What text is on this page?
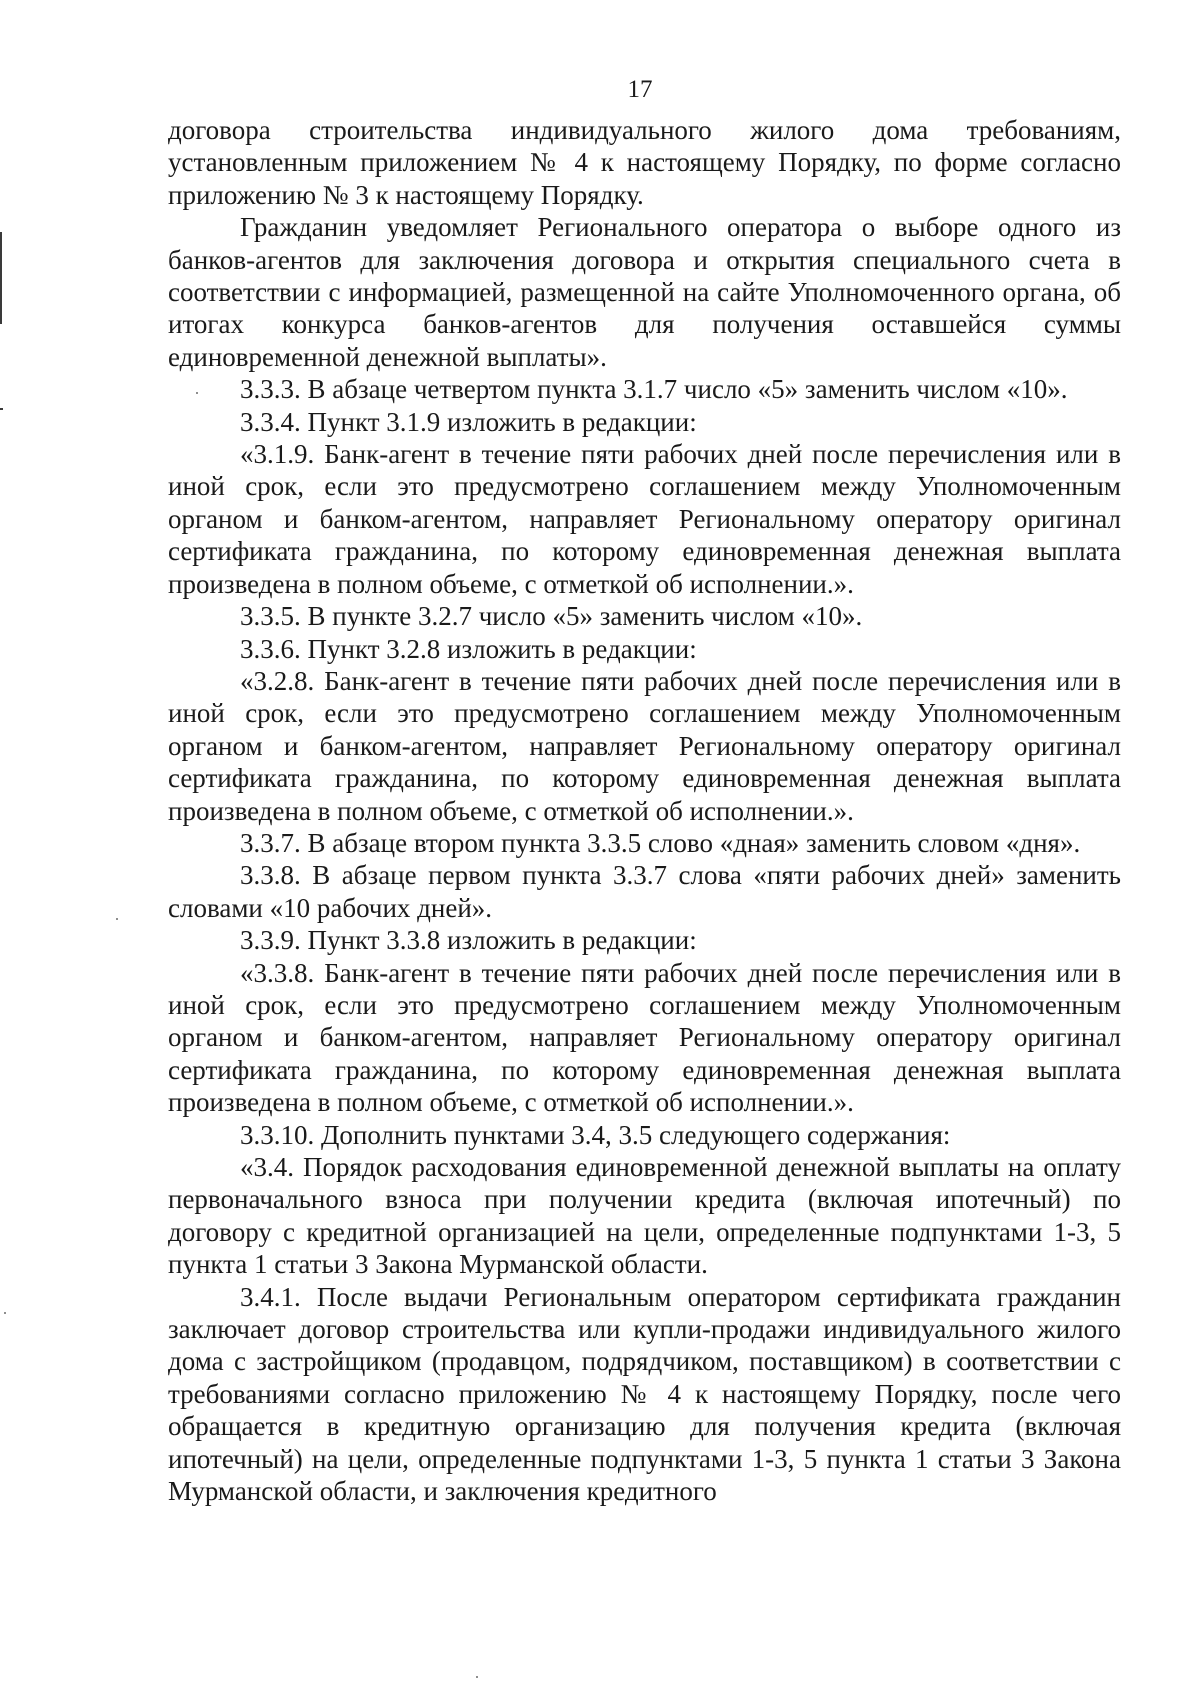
17

договора строительства индивидуального жилого дома требованиям, установленным приложением № 4 к настоящему Порядку, по форме согласно приложению № 3 к настоящему Порядку.

Гражданин уведомляет Регионального оператора о выборе одного из банков-агентов для заключения договора и открытия специального счета в соответствии с информацией, размещенной на сайте Уполномоченного органа, об итогах конкурса банков-агентов для получения оставшейся суммы единовременной денежной выплаты».

3.3.3. В абзаце четвертом пункта 3.1.7 число «5» заменить числом «10».

3.3.4. Пункт 3.1.9 изложить в редакции:

«3.1.9. Банк-агент в течение пяти рабочих дней после перечисления или в иной срок, если это предусмотрено соглашением между Уполномоченным органом и банком-агентом, направляет Региональному оператору оригинал сертификата гражданина, по которому единовременная денежная выплата произведена в полном объеме, с отметкой об исполнении.».

3.3.5. В пункте 3.2.7 число «5» заменить числом «10».

3.3.6. Пункт 3.2.8 изложить в редакции:

«3.2.8. Банк-агент в течение пяти рабочих дней после перечисления или в иной срок, если это предусмотрено соглашением между Уполномоченным органом и банком-агентом, направляет Региональному оператору оригинал сертификата гражданина, по которому единовременная денежная выплата произведена в полном объеме, с отметкой об исполнении.».

3.3.7. В абзаце втором пункта 3.3.5 слово «дная» заменить словом «дня».

3.3.8. В абзаце первом пункта 3.3.7 слова «пяти рабочих дней» заменить словами «10 рабочих дней».

3.3.9. Пункт 3.3.8 изложить в редакции:

«3.3.8. Банк-агент в течение пяти рабочих дней после перечисления или в иной срок, если это предусмотрено соглашением между Уполномоченным органом и банком-агентом, направляет Региональному оператору оригинал сертификата гражданина, по которому единовременная денежная выплата произведена в полном объеме, с отметкой об исполнении.».

3.3.10. Дополнить пунктами 3.4, 3.5 следующего содержания:

«3.4. Порядок расходования единовременной денежной выплаты на оплату первоначального взноса при получении кредита (включая ипотечный) по договору с кредитной организацией на цели, определенные подпунктами 1-3, 5 пункта 1 статьи 3 Закона Мурманской области.

3.4.1. После выдачи Региональным оператором сертификата гражданин заключает договор строительства или купли-продажи индивидуального жилого дома с застройщиком (продавцом, подрядчиком, поставщиком) в соответствии с требованиями согласно приложению № 4 к настоящему Порядку, после чего обращается в кредитную организацию для получения кредита (включая ипотечный) на цели, определенные подпунктами 1-3, 5 пункта 1 статьи 3 Закона Мурманской области, и заключения кредитного
